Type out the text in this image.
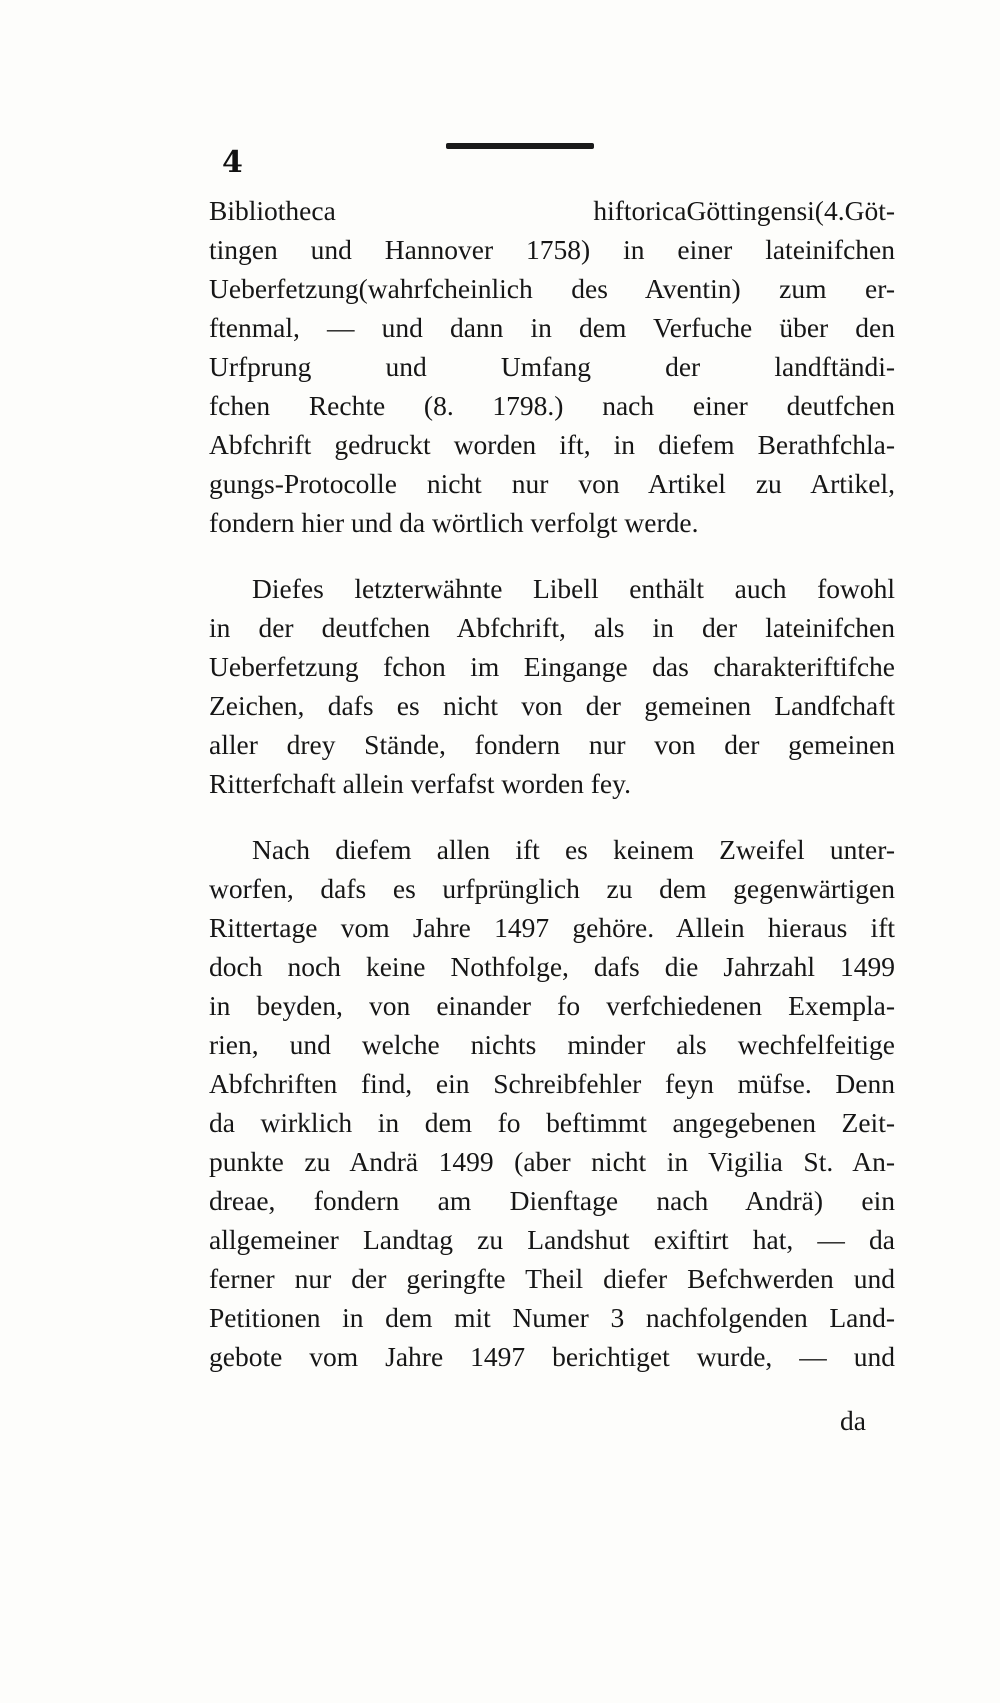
4
Bibliotheca hiftoricaGöttingensi(4.Göt-
tingen und Hannover 1758) in einer lateinifchen
Ueberfetzung(wahrfcheinlich des Aventin) zum er-
ftenmal, — und dann in dem Verfuche über den
Urfprung und Umfang der landftändi-
fchen Rechte (8. 1798.) nach einer deutfchen
Abfchrift gedruckt worden ift, in diefem Berathfchla-
gungs-Protocolle nicht nur von Artikel zu Artikel,
fondern hier und da wörtlich verfolgt werde.
Diefes letzterwähnte Libell enthält auch fowohl
in der deutfchen Abfchrift, als in der lateinifchen
Ueberfetzung fchon im Eingange das charakteriftifche
Zeichen, dafs es nicht von der gemeinen Landfchaft
aller drey Stände, fondern nur von der gemeinen
Ritterfchaft allein verfafst worden fey.
Nach diefem allen ift es keinem Zweifel unter-
worfen, dafs es urfprünglich zu dem gegenwärtigen
Rittertage vom Jahre 1497 gehöre. Allein hieraus ift
doch noch keine Nothfolge, dafs die Jahrzahl 1499
in beyden, von einander fo verfchiedenen Exempla-
rien, und welche nichts minder als wechfelfeitige
Abfchriften find, ein Schreibfehler feyn müfse. Denn
da wirklich in dem fo beftimmt angegebenen Zeit-
punkte zu Andrä 1499 (aber nicht in Vigilia St. An-
dreae, fondern am Dienftage nach Andrä) ein
allgemeiner Landtag zu Landshut exiftirt hat, — da
ferner nur der geringfte Theil diefer Befchwerden und
Petitionen in dem mit Numer 3 nachfolgenden Land-
gebote vom Jahre 1497 berichtiget wurde, — und
da
